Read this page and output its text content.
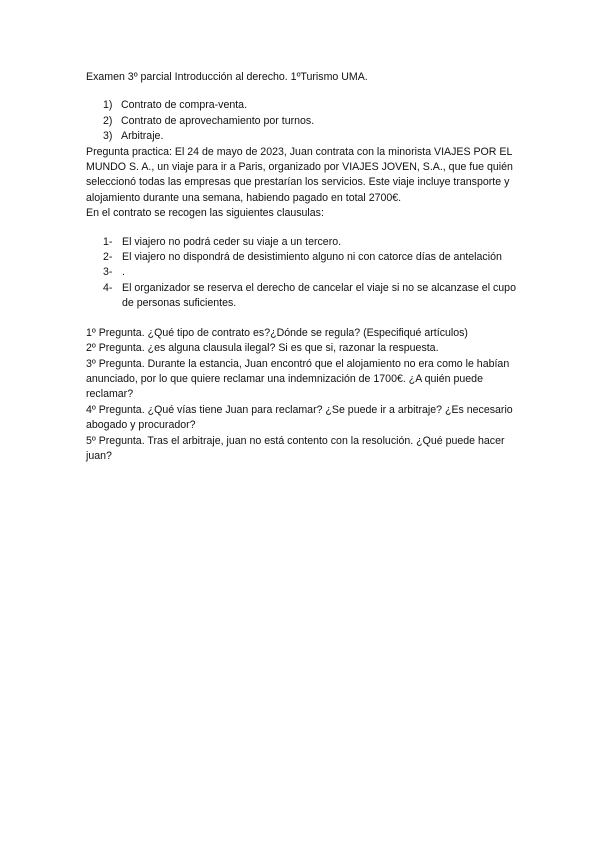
Examen 3º parcial Introducción al derecho. 1ºTurismo UMA.

1) Contrato de compra-venta.
2) Contrato de aprovechamiento por turnos.
3) Arbitraje.

Pregunta practica: El 24 de mayo de 2023, Juan contrata con la minorista VIAJES POR EL MUNDO S. A., un viaje para ir a Paris, organizado por VIAJES JOVEN, S.A., que fue quién seleccionó todas las empresas que prestarían los servicios. Este viaje incluye transporte y alojamiento durante una semana, habiendo pagado en total 2700€.

En el contrato se recogen las siguientes clausulas:

1- El viajero no podrá ceder su viaje a un tercero.
2- El viajero no dispondrá de desistimiento alguno ni con catorce días de antelación
3- .
4- El organizador se reserva el derecho de cancelar el viaje si no se alcanzase el cupo de personas suficientes.

1º Pregunta. ¿Qué tipo de contrato es?¿Dónde se regula? (Especifiqué artículos)

2º Pregunta. ¿es alguna clausula ilegal? Si es que si, razonar la respuesta.

3º Pregunta. Durante la estancia, Juan encontró que el alojamiento no era como le habían anunciado, por lo que quiere reclamar una indemnización de 1700€. ¿A quién puede reclamar?

4º Pregunta. ¿Qué vías tiene Juan para reclamar? ¿Se puede ir a arbitraje? ¿Es necesario abogado y procurador?

5º Pregunta. Tras el arbitraje, juan no está contento con la resolución. ¿Qué puede hacer juan?
